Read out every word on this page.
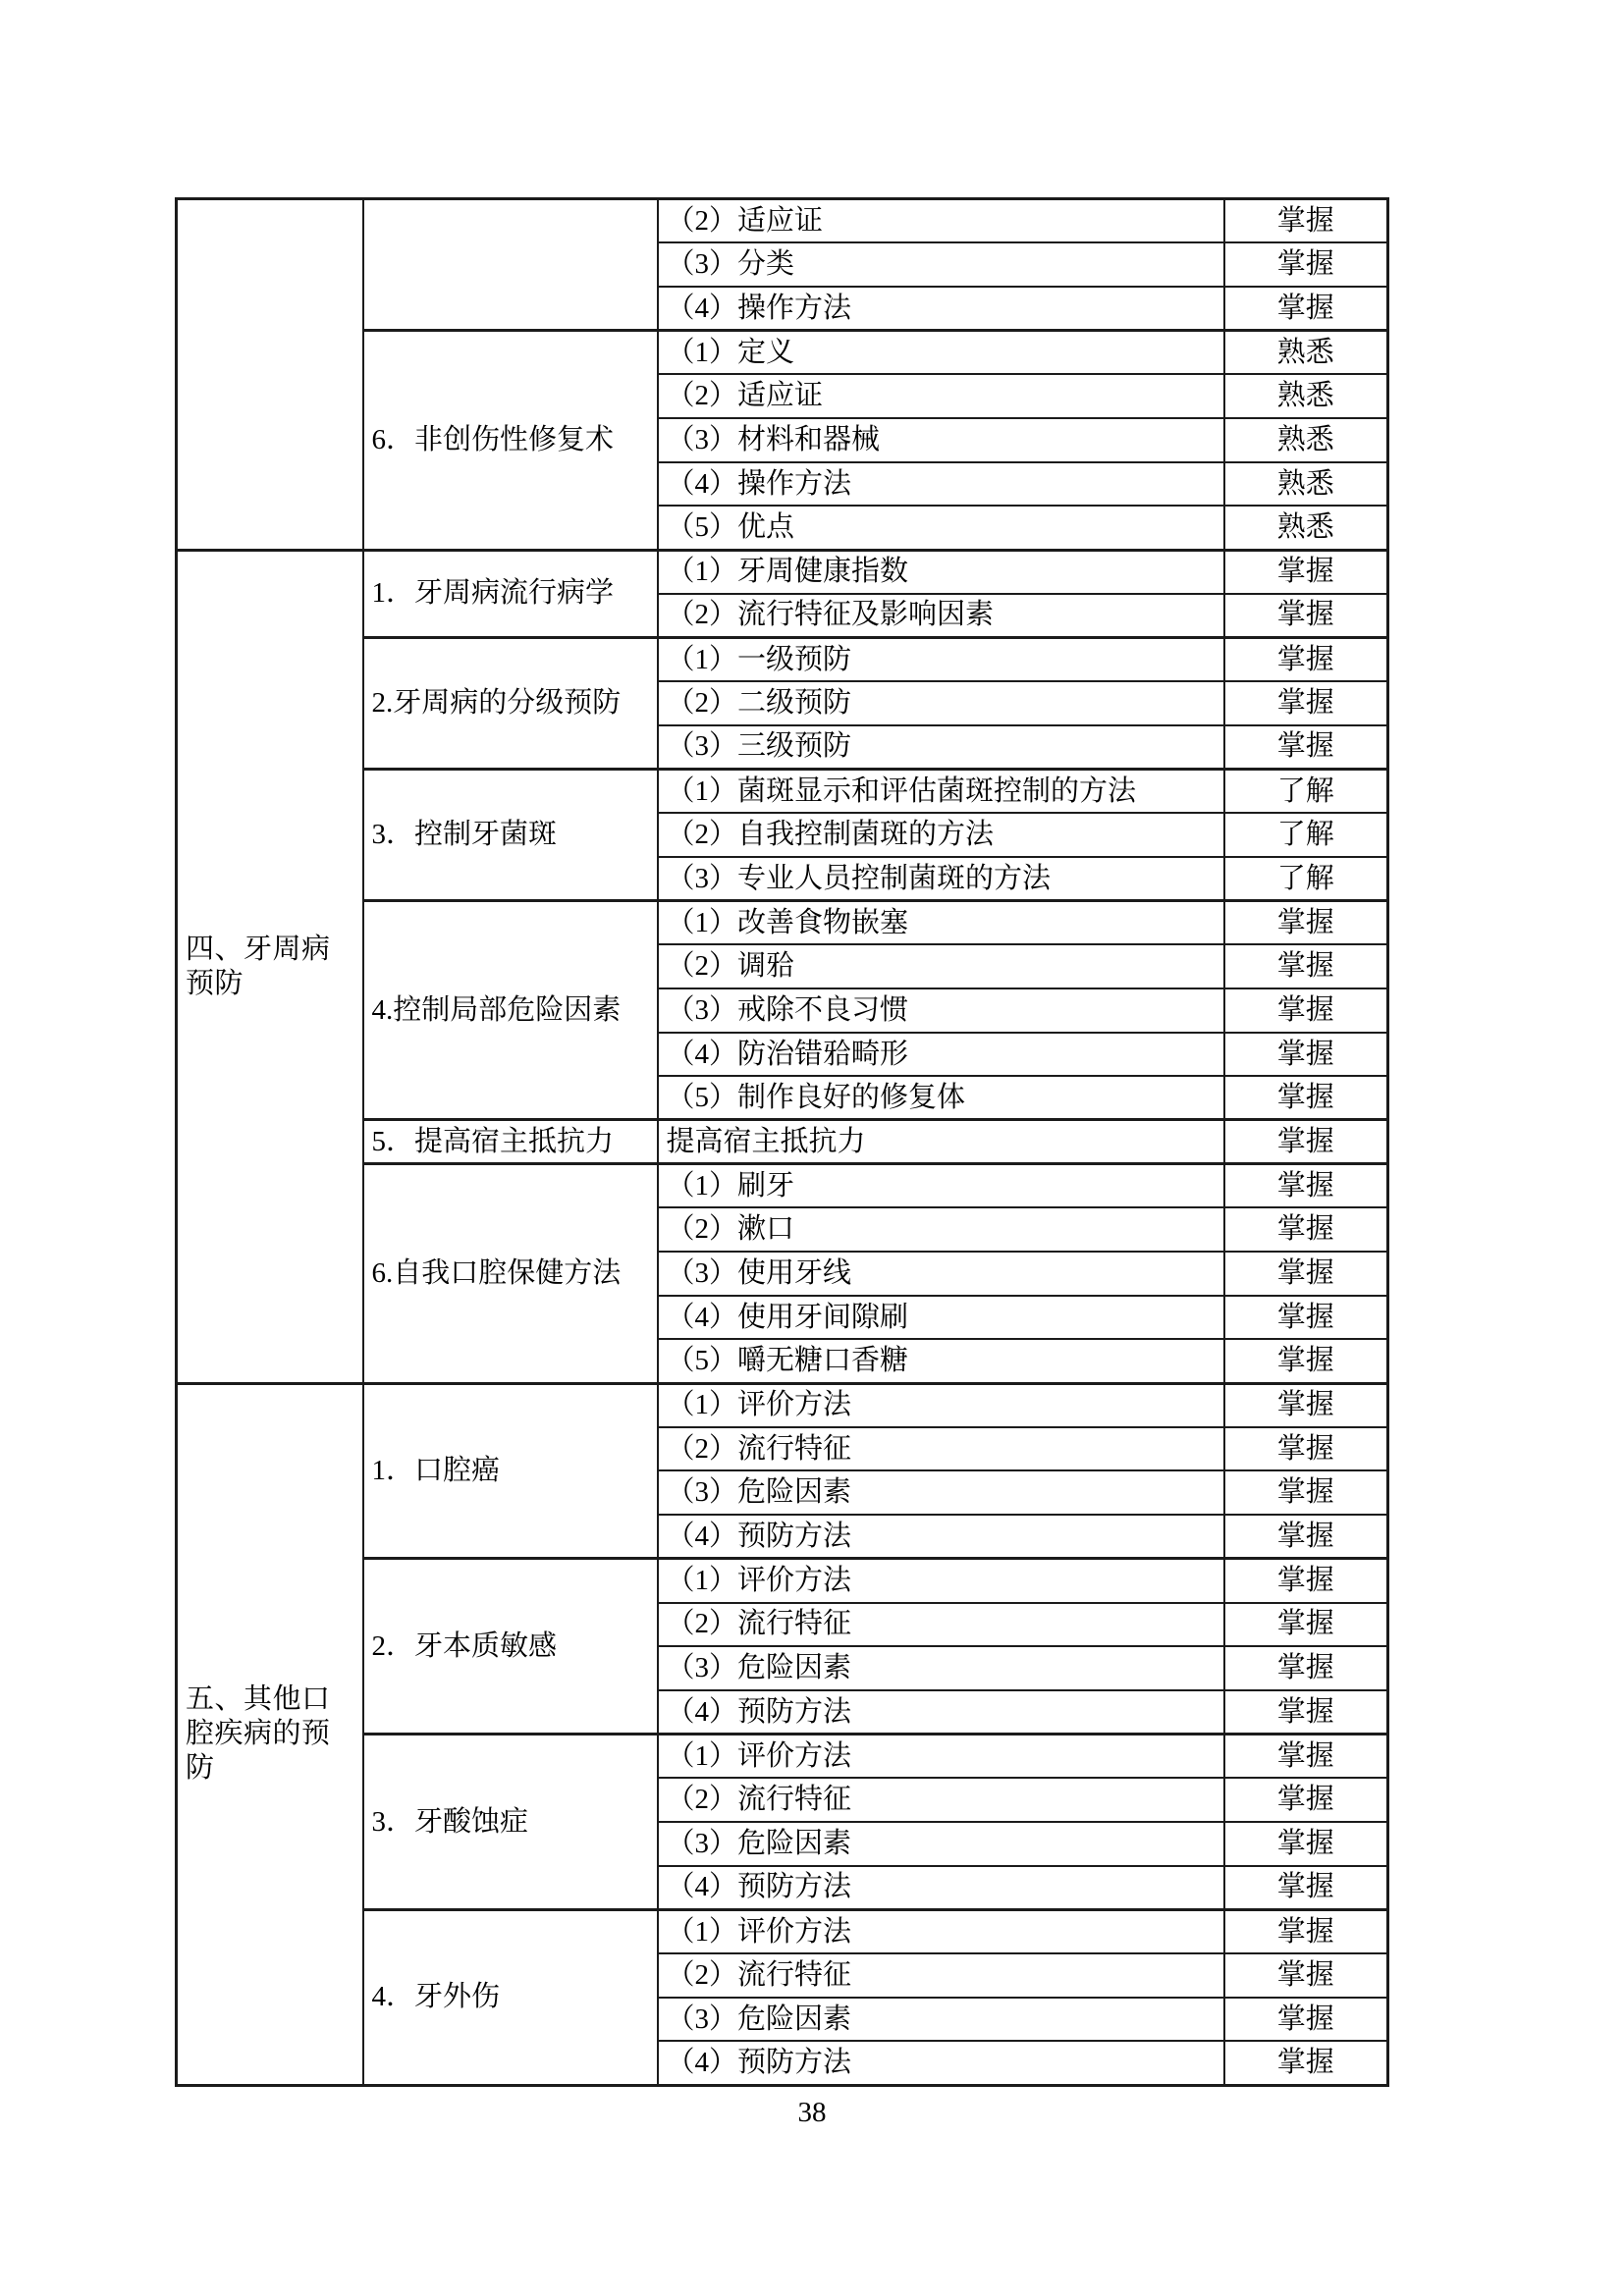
		（2）适应证	掌握
		（3）分类	掌握
		（4）操作方法	掌握
	6．非创伤性修复术	（1）定义	熟悉
		（2）适应证	熟悉
		（3）材料和器械	熟悉
		（4）操作方法	熟悉
		（5）优点	熟悉
四、牙周病预防	1．牙周病流行病学	（1）牙周健康指数	掌握
		（2）流行特征及影响因素	掌握
	2.牙周病的分级预防	（1）一级预防	掌握
		（2）二级预防	掌握
		（3）三级预防	掌握
	3．控制牙菌斑	（1）菌斑显示和评估菌斑控制的方法	了解
		（2）自我控制菌斑的方法	了解
		（3）专业人员控制菌斑的方法	了解
	4.控制局部危险因素	（1）改善食物嵌塞	掌握
		（2）调𬌗	掌握
		（3）戒除不良习惯	掌握
		（4）防治错𬌗畸形	掌握
		（5）制作良好的修复体	掌握
	5．提高宿主抵抗力	提高宿主抵抗力	掌握
	6.自我口腔保健方法	（1）刷牙	掌握
		（2）漱口	掌握
		（3）使用牙线	掌握
		（4）使用牙间隙刷	掌握
		（5）嚼无糖口香糖	掌握
五、其他口腔疾病的预防	1．口腔癌	（1）评价方法	掌握
		（2）流行特征	掌握
		（3）危险因素	掌握
		（4）预防方法	掌握
	2．牙本质敏感	（1）评价方法	掌握
		（2）流行特征	掌握
		（3）危险因素	掌握
		（4）预防方法	掌握
	3．牙酸蚀症	（1）评价方法	掌握
		（2）流行特征	掌握
		（3）危险因素	掌握
		（4）预防方法	掌握
	4．牙外伤	（1）评价方法	掌握
		（2）流行特征	掌握
		（3）危险因素	掌握
		（4）预防方法	掌握
38
